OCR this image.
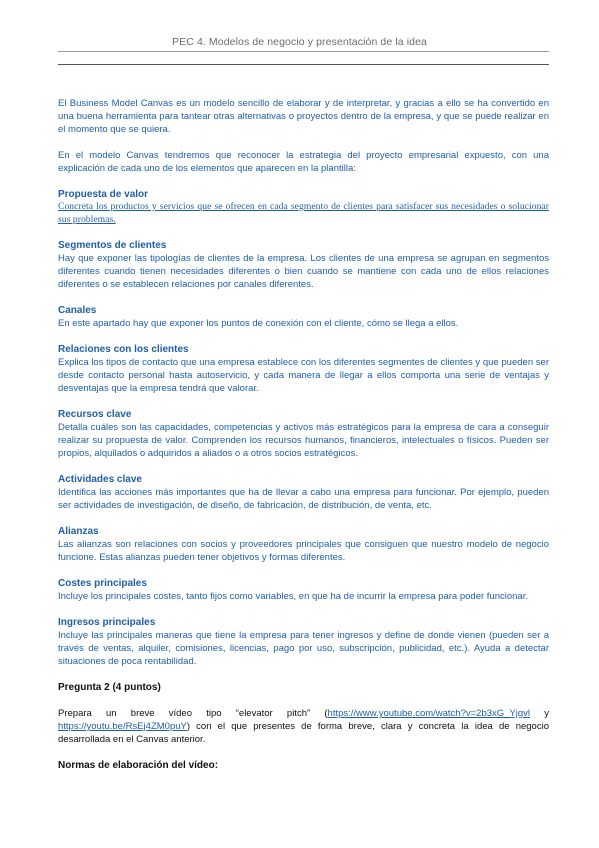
PEC 4. Modelos de negocio y presentación de la idea

El Business Model Canvas es un modelo sencillo de elaborar y de interpretar, y gracias a ello se ha convertido en una buena herramienta para tantear otras alternativas o proyectos dentro de la empresa, y que se puede realizar en el momento que se quiera.

En el modelo Canvas tendremos que reconocer la estrategia del proyecto empresarial expuesto, con una explicación de cada uno de los elementos que aparecen en la plantilla:

Propuesta de valor

Concreta los productos y servicios que se ofrecen en cada segmento de clientes para satisfacer sus necesidades o solucionar sus problemas.

Segmentos de clientes

Hay que exponer las tipologías de clientes de la empresa. Los clientes de una empresa se agrupan en segmentos diferentes cuando tienen necesidades diferentes o bien cuando se mantiene con cada uno de ellos relaciones diferentes o se establecen relaciones por canales diferentes.

Canales

En este apartado hay que exponer los puntos de conexión con el cliente, cómo se llega a ellos.

Relaciones con los clientes

Explica los tipos de contacto que una empresa establece con los diferentes segmentes de clientes y que pueden ser desde contacto personal hasta autoservicio, y cada manera de llegar a ellos comporta una serie de ventajas y desventajas que la empresa tendrá que valorar.

Recursos clave

Detalla cuáles son las capacidades, competencias y activos más estratégicos para la empresa de cara a conseguir realizar su propuesta de valor. Comprenden los recursos humanos, financieros, intelectuales o físicos. Pueden ser propios, alquilados o adquiridos a aliados o a otros socios estratégicos.

Actividades clave

Identifica las acciones más importantes que ha de llevar a cabo una empresa para funcionar. Por ejemplo, pueden ser actividades de investigación, de diseño, de fabricación, de distribución, de venta, etc.

Alianzas

Las alianzas son relaciones con socios y proveedores principales que consiguen que nuestro modelo de negocio funcione. Estas alianzas pueden tener objetivos y formas diferentes.

Costes principales

Incluye los principales costes, tanto fijos como variables, en que ha de incurrir la empresa para poder funcionar.

Ingresos principales

Incluye las principales maneras que tiene la empresa para tener ingresos y define de donde vienen (pueden ser a través de ventas, alquiler, comisiones, licencias, pago por uso, subscripción, publicidad, etc.). Ayuda a detectar situaciones de poca rentabilidad.

Pregunta 2 (4 puntos)

Prepara un breve vídeo tipo “elevator pitch” (https://www.youtube.com/watch?v=2b3xG_Yjgvl y https://youtu.be/RsEj4ZM0puY) con el que presentes de forma breve, clara y concreta la idea de negocio desarrollada en el Canvas anterior.

Normas de elaboración del vídeo:
